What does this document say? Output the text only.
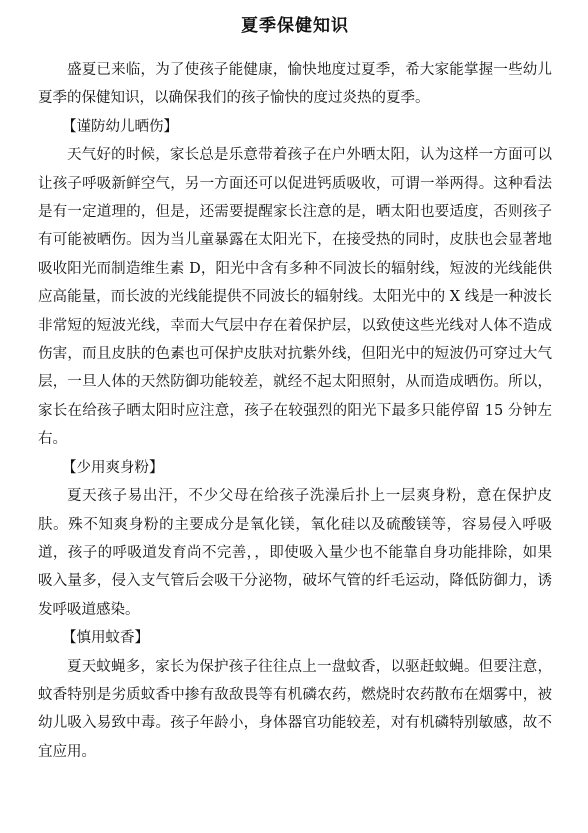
夏季保健知识

盛夏已来临，为了使孩子能健康，愉快地度过夏季，希大家能掌握一些幼儿夏季的保健知识，以确保我们的孩子愉快的度过炎热的夏季。

【谨防幼儿晒伤】

天气好的时候，家长总是乐意带着孩子在户外晒太阳，认为这样一方面可以让孩子呼吸新鲜空气，另一方面还可以促进钙质吸收，可谓一举两得。这种看法是有一定道理的，但是，还需要提醒家长注意的是，晒太阳也要适度，否则孩子有可能被晒伤。因为当儿童暴露在太阳光下，在接受热的同时，皮肤也会显著地吸收阳光而制造维生素 D，阳光中含有多种不同波长的辐射线，短波的光线能供应高能量，而长波的光线能提供不同波长的辐射线。太阳光中的 X 线是一种波长非常短的短波光线，幸而大气层中存在着保护层，以致使这些光线对人体不造成伤害，而且皮肤的色素也可保护皮肤对抗紫外线，但阳光中的短波仍可穿过大气层，一旦人体的天然防御功能较差，就经不起太阳照射，从而造成晒伤。所以，家长在给孩子晒太阳时应注意，孩子在较强烈的阳光下最多只能停留 15 分钟左右。

【少用爽身粉】

夏天孩子易出汗，不少父母在给孩子洗澡后扑上一层爽身粉，意在保护皮肤。殊不知爽身粉的主要成分是氧化镁，氧化硅以及硫酸镁等，容易侵入呼吸道，孩子的呼吸道发育尚不完善，，即使吸入量少也不能靠自身功能排除，如果吸入量多，侵入支气管后会吸干分泌物，破坏气管的纤毛运动，降低防御力，诱发呼吸道感染。

【慎用蚊香】

夏天蚊蝇多，家长为保护孩子往往点上一盘蚊香，以驱赶蚊蝇。但要注意，蚊香特别是劣质蚊香中掺有敌敌畏等有机磷农药，燃烧时农药散布在烟雾中，被幼儿吸入易致中毒。孩子年龄小，身体器官功能较差，对有机磷特别敏感，故不宜应用。
